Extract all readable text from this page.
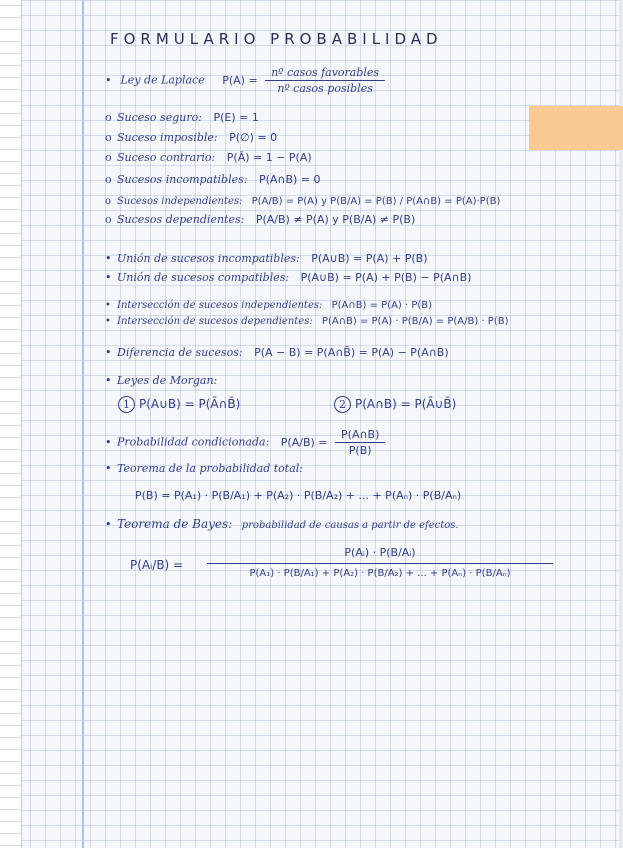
FORMULARIO PROBABILIDAD
• Ley de Laplace $P(A) = \frac{\text{nº casos favorables}}{\text{nº casos posibles}}$
o Suceso seguro: P(E) = 1
o Suceso imposible: P(∅) = 0
o Suceso contrario: P(Ā) = 1 − P(A)
o Sucesos incompatibles: P(A∩B) = 0
o Sucesos independientes: P(A/B) = P(A) y P(B/A) = P(B) / P(A∩B) = P(A)·P(B)
o Sucesos dependientes: P(A/B) ≠ P(A) y P(B/A) ≠ P(B)
• Unión de sucesos incompatibles: P(A∪B) = P(A) + P(B)
• Unión de sucesos compatibles: P(A∪B) = P(A) + P(B) − P(A∩B)
• Intersección de sucesos independientes: P(A∩B) = P(A) · P(B)
• Intersección de sucesos dependientes: P(A∩B) = P(A) · P(B/A) = P(A/B) · P(B)
• Diferencia de sucesos: P(A − B) = P(A∩B̄) = P(A) − P(A∩B)
• Leyes de Morgan:
1 P(A∪B) = P(Ā∩B̄)	2 P(A∩B) = P(Ā∪B̄)
• Probabilidad condicionada: $P(A/B) = \frac{P(A\cap B)}{P(B)}$
• Teorema de la probabilidad total:
P(B) = P(A₁) · P(B/A₁) + P(A₂) · P(B/A₂) + ... + P(Aₙ) · P(B/Aₙ)
• Teorema de Bayes: probabilidad de causas a partir de efectos.
P(Aᵢ/B) =
P(Aᵢ) · P(B/Aᵢ)
P(A₁) · P(B/A₁) + P(A₂) · P(B/A₂) + ... + P(Aₙ) · P(B/Aₙ)
